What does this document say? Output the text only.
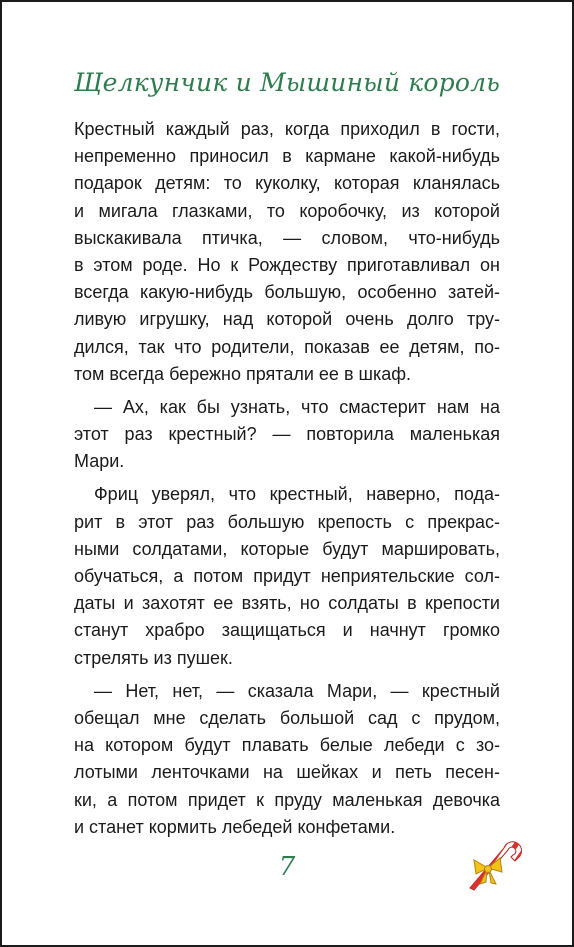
Щелкунчик и Мышиный король

Крестный каждый раз, когда приходил в гости,
непременно приносил в кармане какой-нибудь
подарок детям: то куколку, которая кланялась
и мигала глазками, то коробочку, из которой
выскакивала птичка, — словом, что-нибудь
в этом роде. Но к Рождеству приготавливал он
всегда какую-нибудь большую, особенно затей-
ливую игрушку, над которой очень долго тру-
дился, так что родители, показав ее детям, по-
том всегда бережно прятали ее в шкаф.

— Ах, как бы узнать, что смастерит нам на
этот раз крестный? — повторила маленькая
Мари.

Фриц уверял, что крестный, наверно, пода-
рит в этот раз большую крепость с прекрас-
ными солдатами, которые будут маршировать,
обучаться, а потом придут неприятельские сол-
даты и захотят ее взять, но солдаты в крепости
станут храбро защищаться и начнут громко
стрелять из пушек.

— Нет, нет, — сказала Мари, — крестный
обещал мне сделать большой сад с прудом,
на котором будут плавать белые лебеди с зо-
лотыми ленточками на шейках и петь песен-
ки, а потом придет к пруду маленькая девочка
и станет кормить лебедей конфетами.

7
